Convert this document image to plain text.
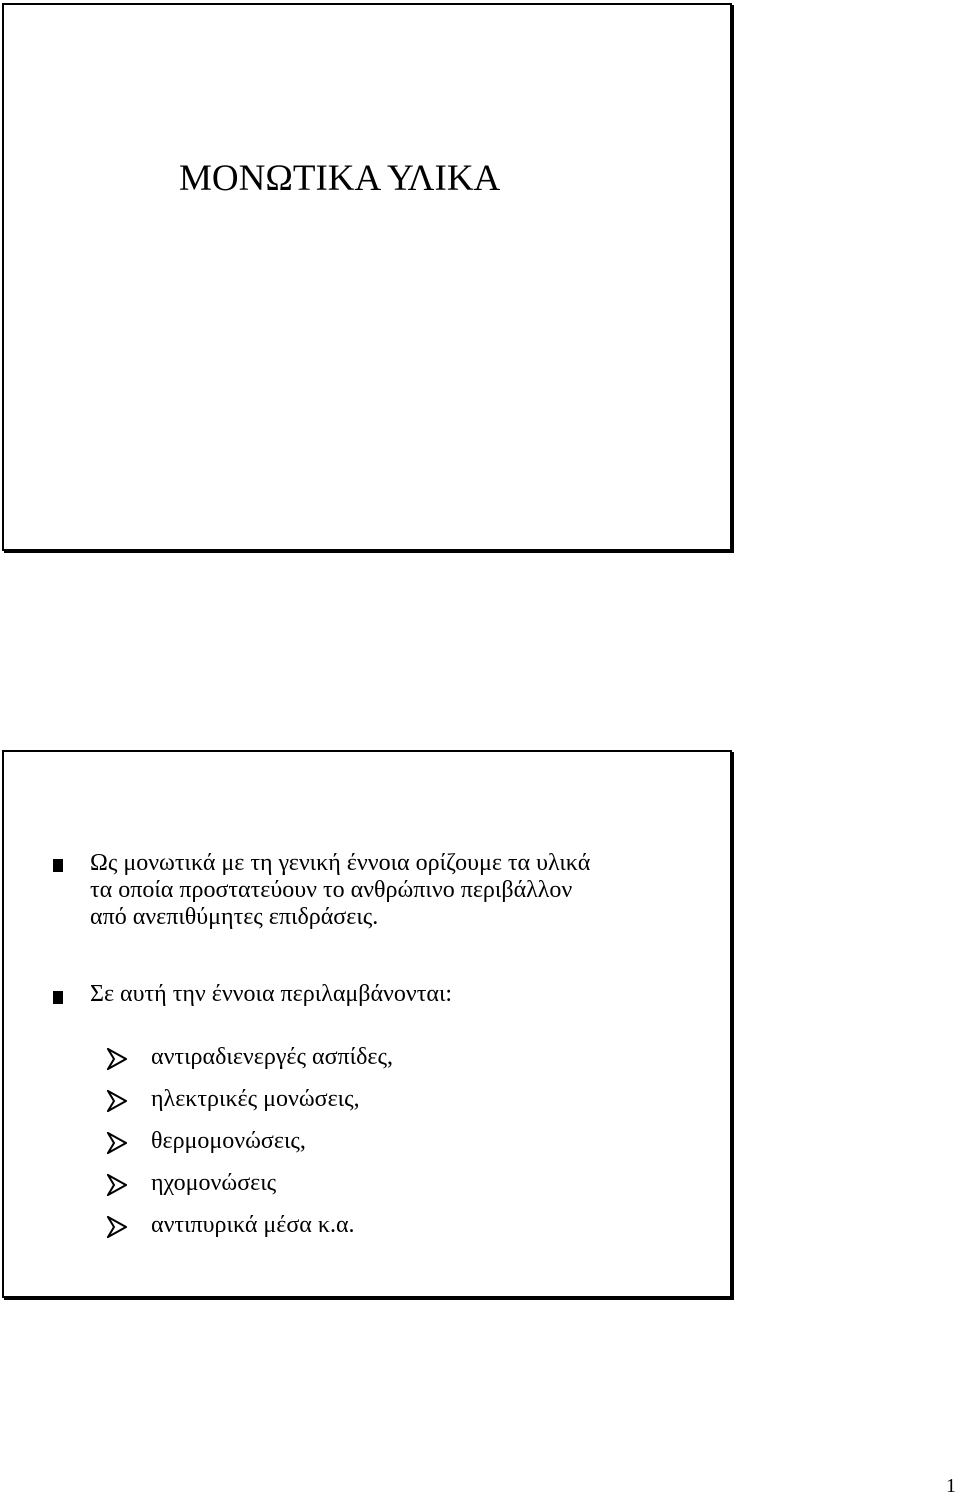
ΜΟΝΩΤΙΚΑ ΥΛΙΚΑ
Ως μονωτικά με τη γενική έννοια ορίζουμε τα υλικά
τα οποία προστατεύουν το ανθρώπινο περιβάλλον
από ανεπιθύμητες επιδράσεις.
Σε αυτή την έννοια περιλαμβάνονται:
αντιραδιενεργές ασπίδες,
ηλεκτρικές μονώσεις,
θερμομονώσεις,
ηχομονώσεις
αντιπυρικά μέσα κ.α.
1
